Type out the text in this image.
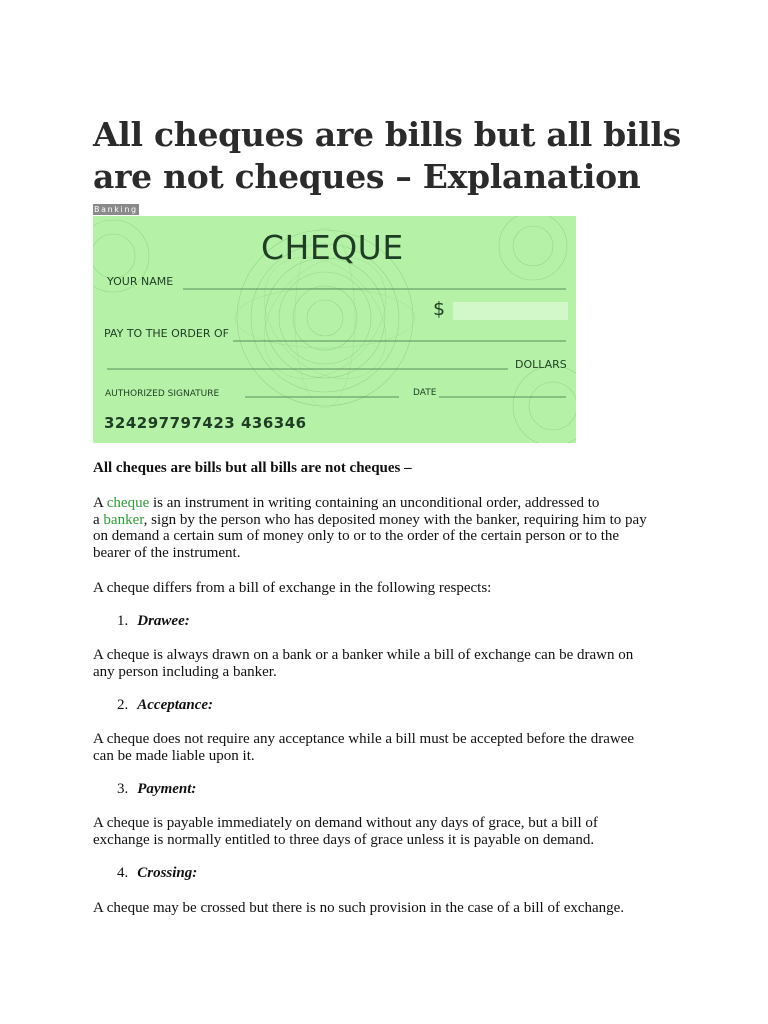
All cheques are bills but all bills are not cheques – Explanation
Banking
CHEQUE
YOUR NAME
PAY TO THE ORDER OF
$
DOLLARS
AUTHORIZED SIGNATURE	DATE
324297797423 436346
All cheques are bills but all bills are not cheques –
A cheque is an instrument in writing containing an unconditional order, addressed to
a banker, sign by the person who has deposited money with the banker, requiring him to pay
on demand a certain sum of money only to or to the order of the certain person or to the
bearer of the instrument.
A cheque differs from a bill of exchange in the following respects:
1. Drawee:
A cheque is always drawn on a bank or a banker while a bill of exchange can be drawn on
any person including a banker.
2. Acceptance:
A cheque does not require any acceptance while a bill must be accepted before the drawee
can be made liable upon it.
3. Payment:
A cheque is payable immediately on demand without any days of grace, but a bill of
exchange is normally entitled to three days of grace unless it is payable on demand.
4. Crossing:
A cheque may be crossed but there is no such provision in the case of a bill of exchange.
